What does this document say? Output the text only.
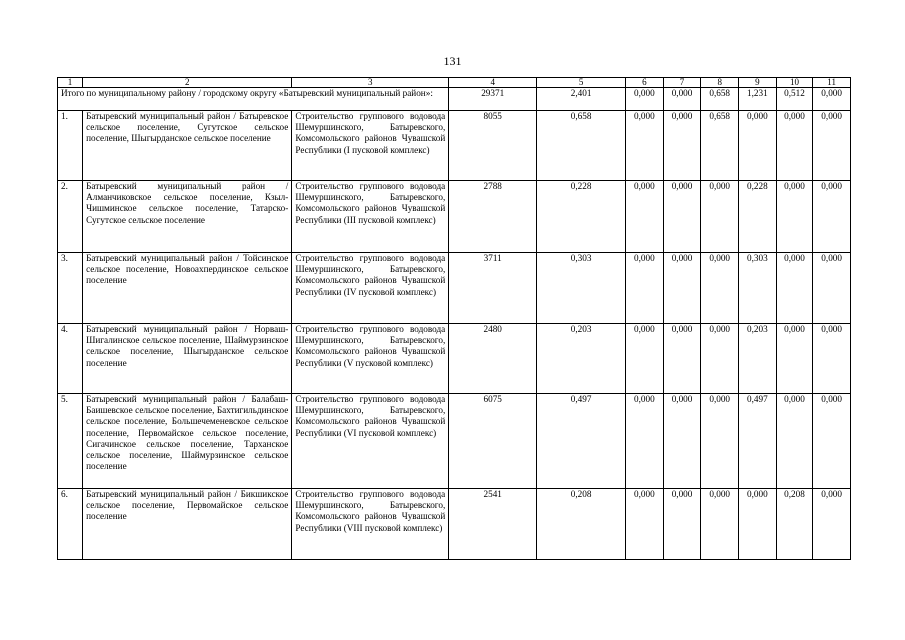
131
1	2	3	4	5	6	7	8	9	10	11
Итого по муниципальному району / городскому округу «Батыревский муниципальный район»:			29371	2,401	0,000	0,000	0,658	1,231	0,512	0,000
1.	Батыревский муниципальный район / Батыревское сельское поселение, Сугутское сельское поселение, Шыгырданское сельское поселение	Строительство группового водовода Шемуршинского, Батыревского, Комсомольского районов Чувашской Республики (I пусковой комплекс)	8055	0,658	0,000	0,000	0,658	0,000	0,000	0,000
2.	Батыревский муниципальный район / Алманчиковское сельское поселение, Кзыл-Чишминское сельское поселение, Татарско-Сугутское сельское поселение	Строительство группового водовода Шемуршинского, Батыревского, Комсомольского районов Чувашской Республики (III пусковой комплекс)	2788	0,228	0,000	0,000	0,000	0,228	0,000	0,000
3.	Батыревский муниципальный район / Тойсинское сельское поселение, Новоахпердинское сельское поселение	Строительство группового водовода Шемуршинского, Батыревского, Комсомольского районов Чувашской Республики (IV пусковой комплекс)	3711	0,303	0,000	0,000	0,000	0,303	0,000	0,000
4.	Батыревский муниципальный район / Норваш-Шигалинское сельское поселение, Шаймурзинское сельское поселение, Шыгырданское сельское поселение	Строительство группового водовода Шемуршинского, Батыревского, Комсомольского районов Чувашской Республики (V пусковой комплекс)	2480	0,203	0,000	0,000	0,000	0,203	0,000	0,000
5.	Батыревский муниципальный район / Балабаш-Баишевское сельское поселение, Бахтигильдинское сельское поселение, Большечеменевское сельское поселение, Первомайское сельское поселение, Сигачинское сельское поселение, Тарханское сельское поселение, Шаймурзинское сельское поселение	Строительство группового водовода Шемуршинского, Батыревского, Комсомольского районов Чувашской Республики (VI пусковой комплекс)	6075	0,497	0,000	0,000	0,000	0,497	0,000	0,000
6.	Батыревский муниципальный район / Бикшикское сельское поселение, Первомайское сельское поселение	Строительство группового водовода Шемуршинского, Батыревского, Комсомольского районов Чувашской Республики (VIII пусковой комплекс)	2541	0,208	0,000	0,000	0,000	0,000	0,208	0,000
